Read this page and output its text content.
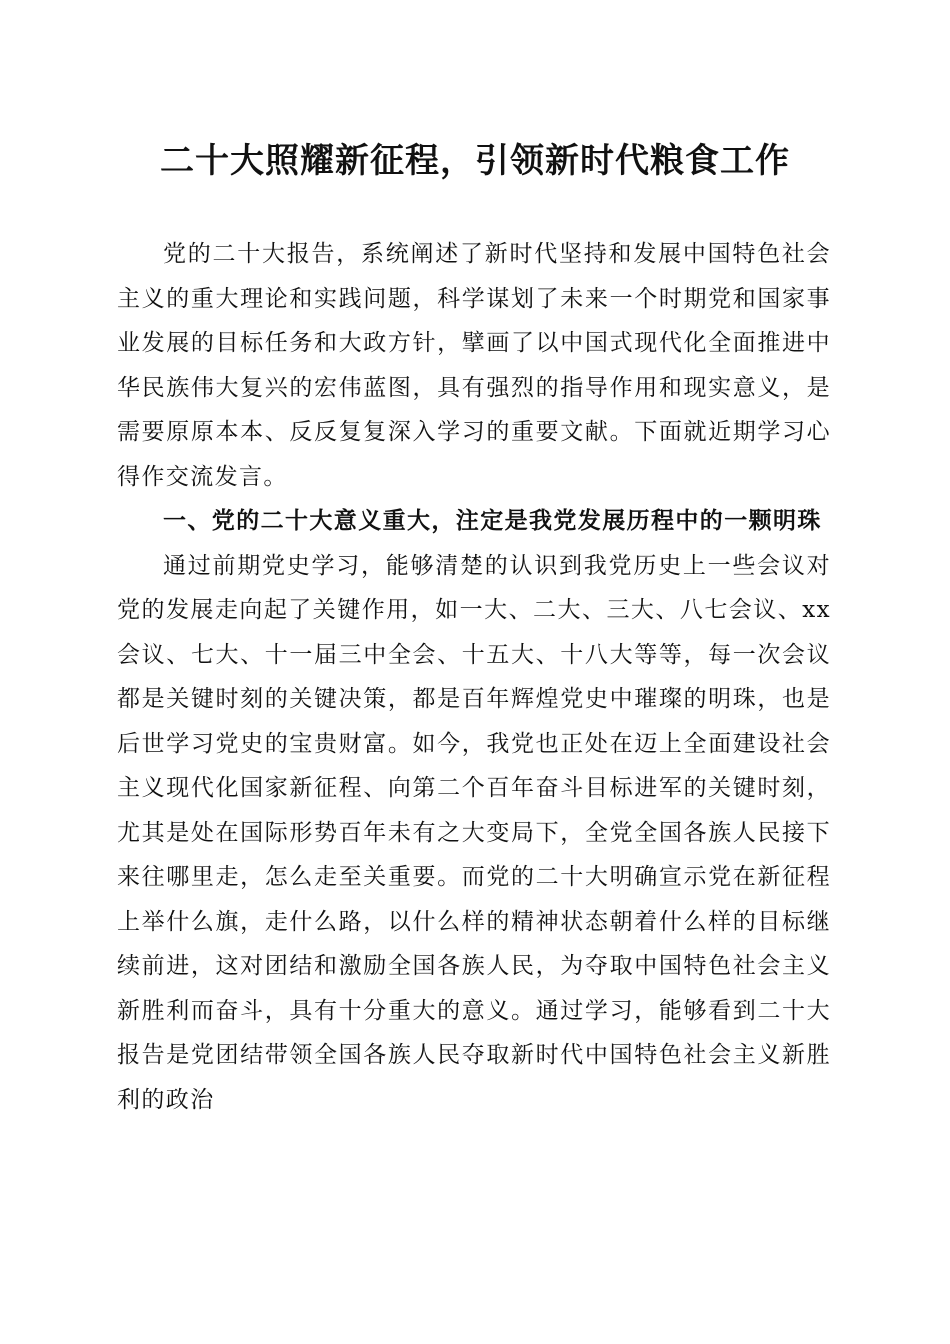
二十大照耀新征程，引领新时代粮食工作

党的二十大报告，系统阐述了新时代坚持和发展中国特色社会主义的重大理论和实践问题，科学谋划了未来一个时期党和国家事业发展的目标任务和大政方针，擘画了以中国式现代化全面推进中华民族伟大复兴的宏伟蓝图，具有强烈的指导作用和现实意义，是需要原原本本、反反复复深入学习的重要文献。下面就近期学习心得作交流发言。

一、党的二十大意义重大，注定是我党发展历程中的一颗明珠

通过前期党史学习，能够清楚的认识到我党历史上一些会议对党的发展走向起了关键作用，如一大、二大、三大、八七会议、xx会议、七大、十一届三中全会、十五大、十八大等等，每一次会议都是关键时刻的关键决策，都是百年辉煌党史中璀璨的明珠，也是后世学习党史的宝贵财富。如今，我党也正处在迈上全面建设社会主义现代化国家新征程、向第二个百年奋斗目标进军的关键时刻，尤其是处在国际形势百年未有之大变局下，全党全国各族人民接下来往哪里走，怎么走至关重要。而党的二十大明确宣示党在新征程上举什么旗，走什么路，以什么样的精神状态朝着什么样的目标继续前进，这对团结和激励全国各族人民，为夺取中国特色社会主义新胜利而奋斗，具有十分重大的意义。通过学习，能够看到二十大报告是党团结带领全国各族人民夺取新时代中国特色社会主义新胜利的政治
